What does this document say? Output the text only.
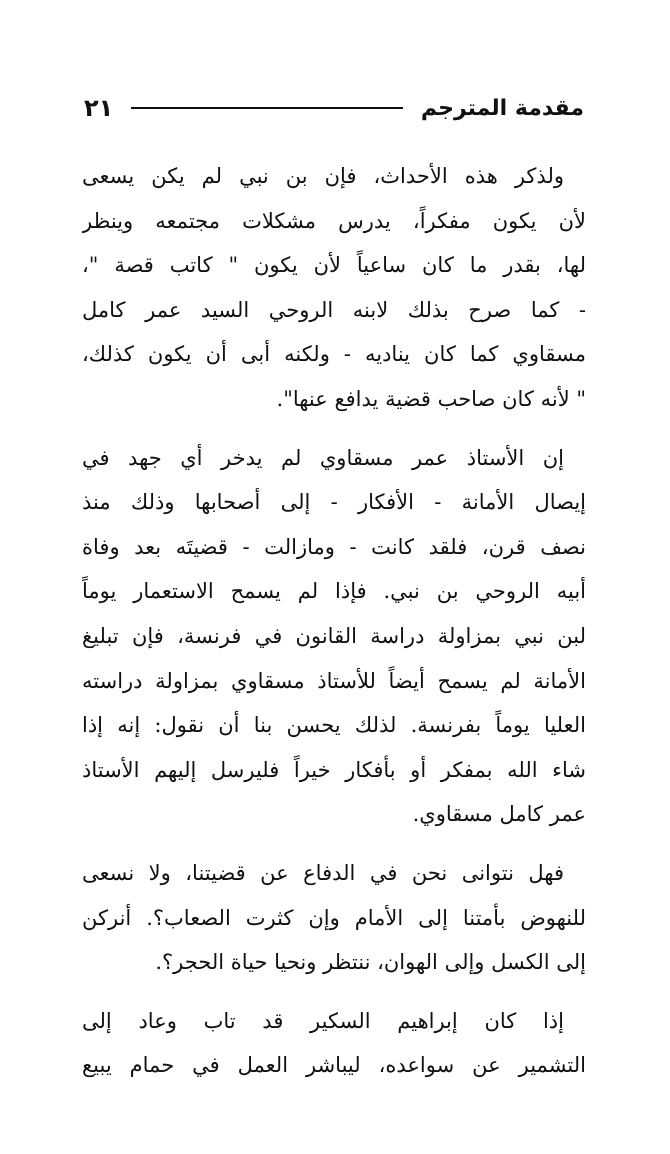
مقدمة المترجم
٢١
ولذكر هذه الأحداث، فإن بن نبي لم يكن يسعى
لأن يكون مفكراً، يدرس مشكلات مجتمعه وينظر
لها، بقدر ما كان ساعياً لأن يكون " كاتب قصة "،
- كما صرح بذلك لابنه الروحي السيد عمر كامل
مسقاوي كما كان يناديه - ولكنه أبى أن يكون كذلك،
" لأنه كان صاحب قضية يدافع عنها".
إن الأستاذ عمر مسقاوي لم يدخر أي جهد في
إيصال الأمانة - الأفكار - إلى أصحابها وذلك منذ
نصف قرن، فلقد كانت - ومازالت - قضيتَه بعد وفاة
أبيه الروحي بن نبي. فإذا لم يسمح الاستعمار يوماً
لبن نبي بمزاولة دراسة القانون في فرنسة، فإن تبليغ
الأمانة لم يسمح أيضاً للأستاذ مسقاوي بمزاولة دراسته
العليا يوماً بفرنسة. لذلك يحسن بنا أن نقول: إنه إذا
شاء الله بمفكر أو بأفكار خيراً فليرسل إليهم الأستاذ
عمر كامل مسقاوي.
فهل نتوانى نحن في الدفاع عن قضيتنا، ولا نسعى
للنهوض بأمتنا إلى الأمام وإن كثرت الصعاب؟. أنركن
إلى الكسل وإلى الهوان، ننتظر ونحيا حياة الحجر؟.
إذا كان إبراهيم السكير قد تاب وعاد إلى
التشمير عن سواعده، ليباشر العمل في حمام يبيع
